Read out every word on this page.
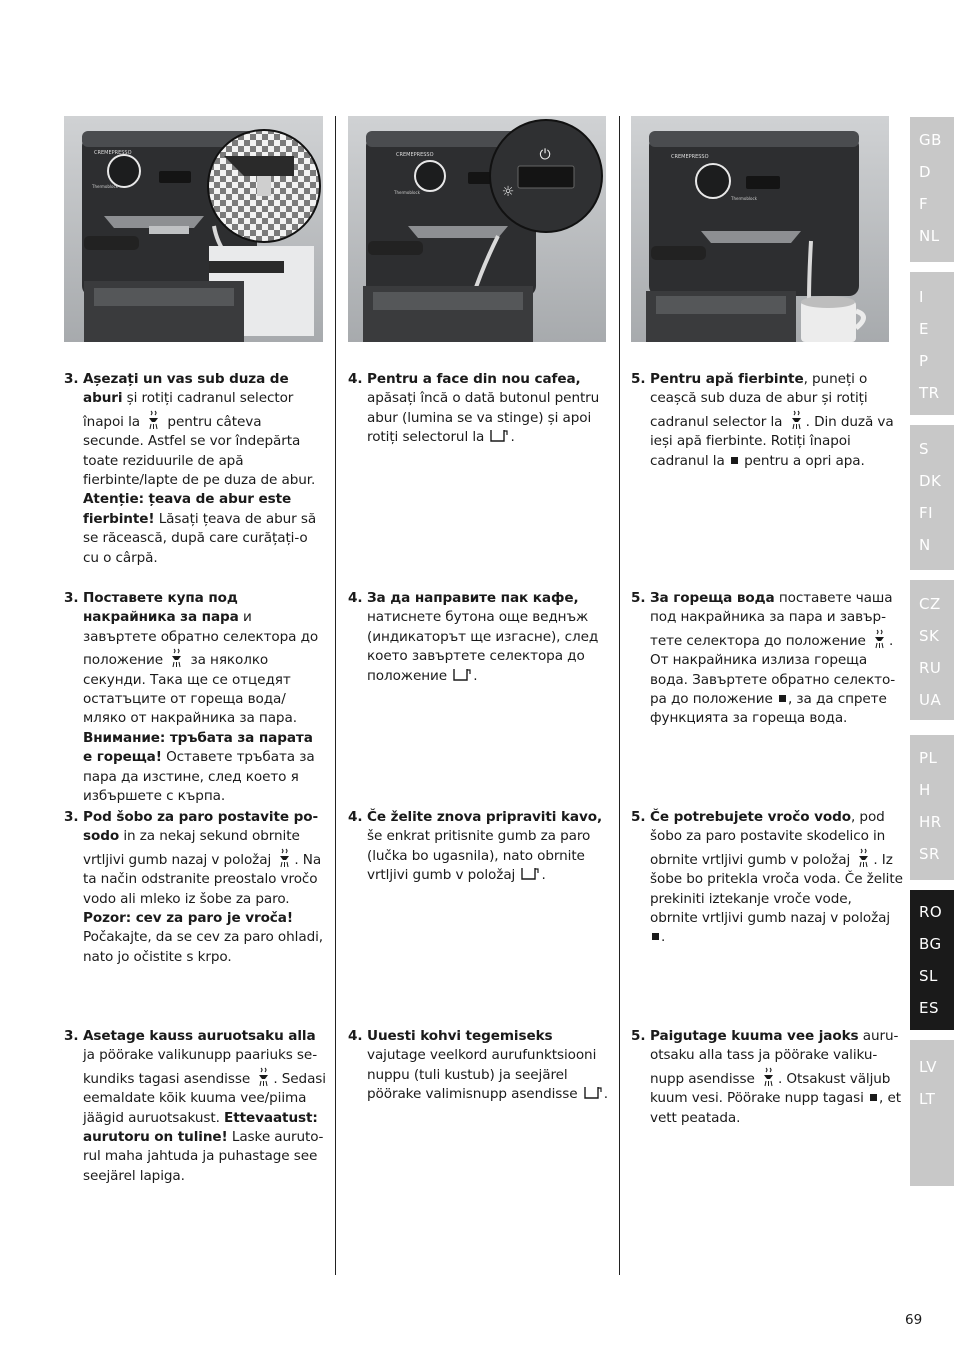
CREMEPRESSO
Thermoblock
CREMEPRESSO
Thermoblock
⏻
☼
CREMEPRESSO
Thermoblock
3. Așezați un vas sub duza de aburi și rotiți cadranul selector înapoi la  pentru câteva secunde. Astfel se vor îndepărta toate reziduurile de apă fierbinte/lapte de pe duza de abur. Atenție: țeava de abur este fierbinte! Lăsați țeava de abur să se răcească, după care curățați-o cu o cârpă.
4. Pentru a face din nou cafea, apăsați încă o dată butonul pentru abur (lumina se va stinge) și apoi rotiți selectorul la .
5. Pentru apă fierbinte, puneți o ceașcă sub duza de abur și rotiți cadranul selector la . Din duză va ieși apă fierbinte. Rotiți înapoi cadranul la  pentru a opri apa.
3. Поставете купа под накрайника за пара и завъртете обратно селектора до положение  за няколко секунди. Така ще се отцедят остатъците от гореща вода/мляко от накрайника за пара. Внимание: тръбата за парата е гореща! Оставете тръбата за пара да изстине, след което я избършете с кърпа.
4. За да направите пак кафе, натиснете бутона още веднъж (индикаторът ще изгасне), след което завъртете селектора до положение .
5. За гореща вода поставете чаша под накрайника за пара и завъртете селектора до положение . От накрайника излиза гореща вода. Завъртете обратно селектора до положение , за да спрете функцията за гореща вода.
3. Pod šobo za paro postavite posodo in za nekaj sekund obrnite vrtljivi gumb nazaj v položaj . Na ta način odstranite preostalo vročo vodo ali mleko iz šobe za paro. Pozor: cev za paro je vroča! Počakajte, da se cev za paro ohladi, nato jo očistite s krpo.
4. Če želite znova pripraviti kavo, še enkrat pritisnite gumb za paro (lučka bo ugasnila), nato obrnite vrtljivi gumb v položaj .
5. Če potrebujete vročo vodo, pod šobo za paro postavite skodelico in obrnite vrtljivi gumb v položaj . Iz šobe bo pritekla vroča voda. Če želite prekiniti iztekanje vroče vode, obrnite vrtljivi gumb nazaj v položaj .
3. Asetage kauss auruotsaku alla ja pöörake valikunupp paariuks sekundiks tagasi asendisse . Sedasi eemaldate kõik kuuma vee/piima jäägid auruotsakust. Ettevaatust: aurutoru on tuline! Laske aurutorul maha jahtuda ja puhastage see seejärel lapiga.
4. Uuesti kohvi tegemiseks vajutage veelkord aurufunktsiooni nuppu (tuli kustub) ja seejärel pöörake valimisnupp asendisse .
5. Paigutage kuuma vee jaoks auruotsaku alla tass ja pöörake valikunupp asendisse . Otsakust väljub kuum vesi. Pöörake nupp tagasi , et vett peatada.
GB
D
F
NL
I
E
P
TR
S
DK
FI
N
CZ
SK
RU
UA
PL
H
HR
SR
RO
BG
SL
ES
LV
LT
69
